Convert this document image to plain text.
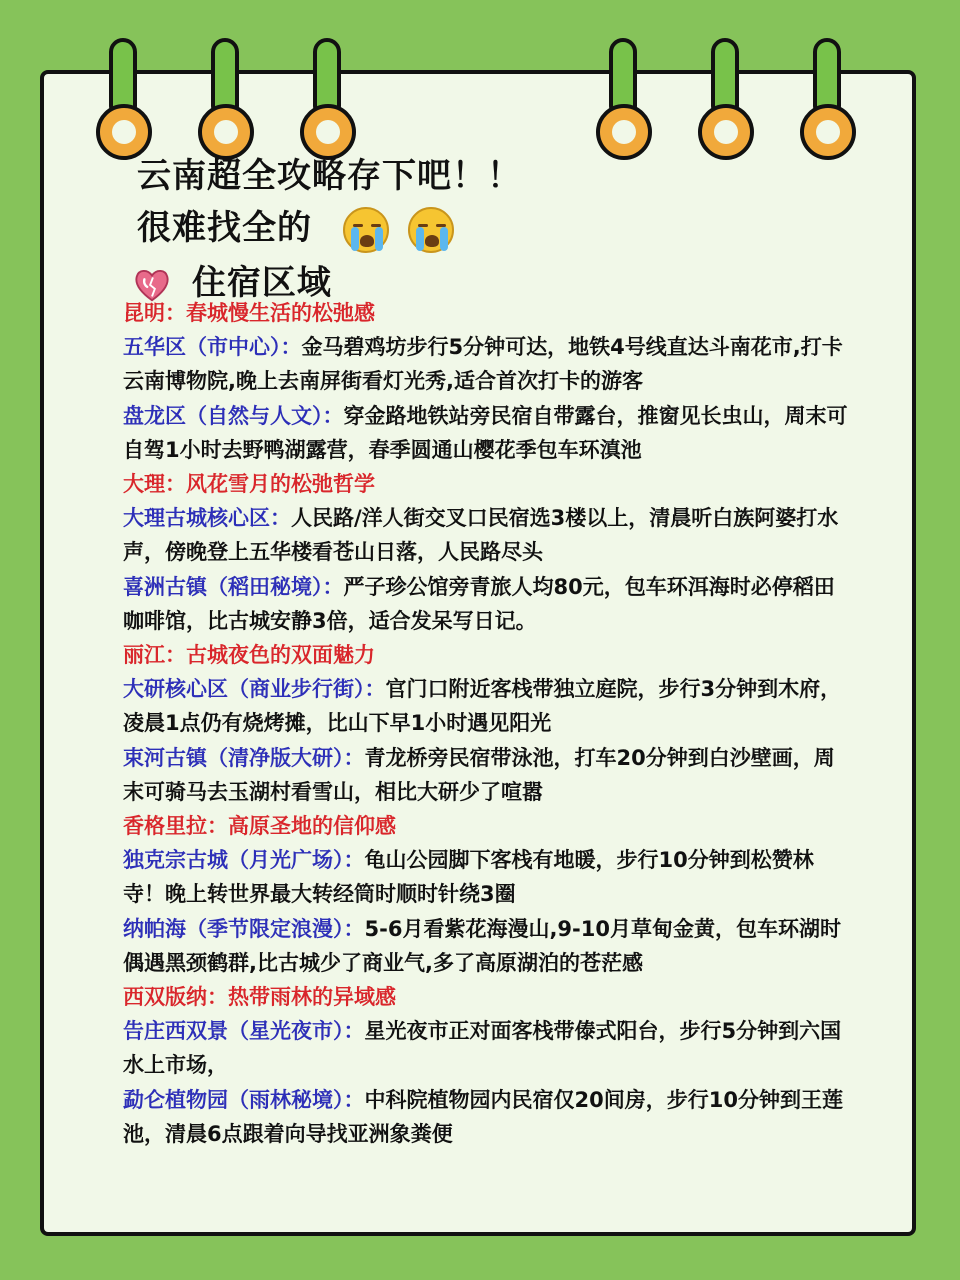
云南超全攻略存下吧！！
很难找全的

住宿区域

昆明：春城慢生活的松弛感

五华区（市中心）：金马碧鸡坊步行5分钟可达，地铁4号线直达斗南花市,打卡云南博物院,晚上去南屏街看灯光秀,适合首次打卡的游客

盘龙区（自然与人文）：穿金路地铁站旁民宿自带露台，推窗见长虫山，周末可自驾1小时去野鸭湖露营，春季圆通山樱花季包车环滇池

大理：风花雪月的松弛哲学

大理古城核心区：人民路/洋人街交叉口民宿选3楼以上，清晨听白族阿婆打水声，傍晚登上五华楼看苍山日落，人民路尽头

喜洲古镇（稻田秘境）：严子珍公馆旁青旅人均80元，包车环洱海时必停稻田咖啡馆，比古城安静3倍，适合发呆写日记。

丽江：古城夜色的双面魅力

大研核心区（商业步行街）：官门口附近客栈带独立庭院，步行3分钟到木府，凌晨1点仍有烧烤摊，比山下早1小时遇见阳光

束河古镇（清净版大研）：青龙桥旁民宿带泳池，打车20分钟到白沙壁画，周末可骑马去玉湖村看雪山，相比大研少了喧嚣

香格里拉：高原圣地的信仰感

独克宗古城（月光广场）：龟山公园脚下客栈有地暖，步行10分钟到松赞林寺！晚上转世界最大转经筒时顺时针绕3圈

纳帕海（季节限定浪漫）：5-6月看紫花海漫山,9-10月草甸金黄，包车环湖时偶遇黑颈鹤群,比古城少了商业气,多了高原湖泊的苍茫感

西双版纳：热带雨林的异域感

告庄西双景（星光夜市）：星光夜市正对面客栈带傣式阳台，步行5分钟到六国水上市场，

勐仑植物园（雨林秘境）：中科院植物园内民宿仅20间房，步行10分钟到王莲池，清晨6点跟着向导找亚洲象粪便
